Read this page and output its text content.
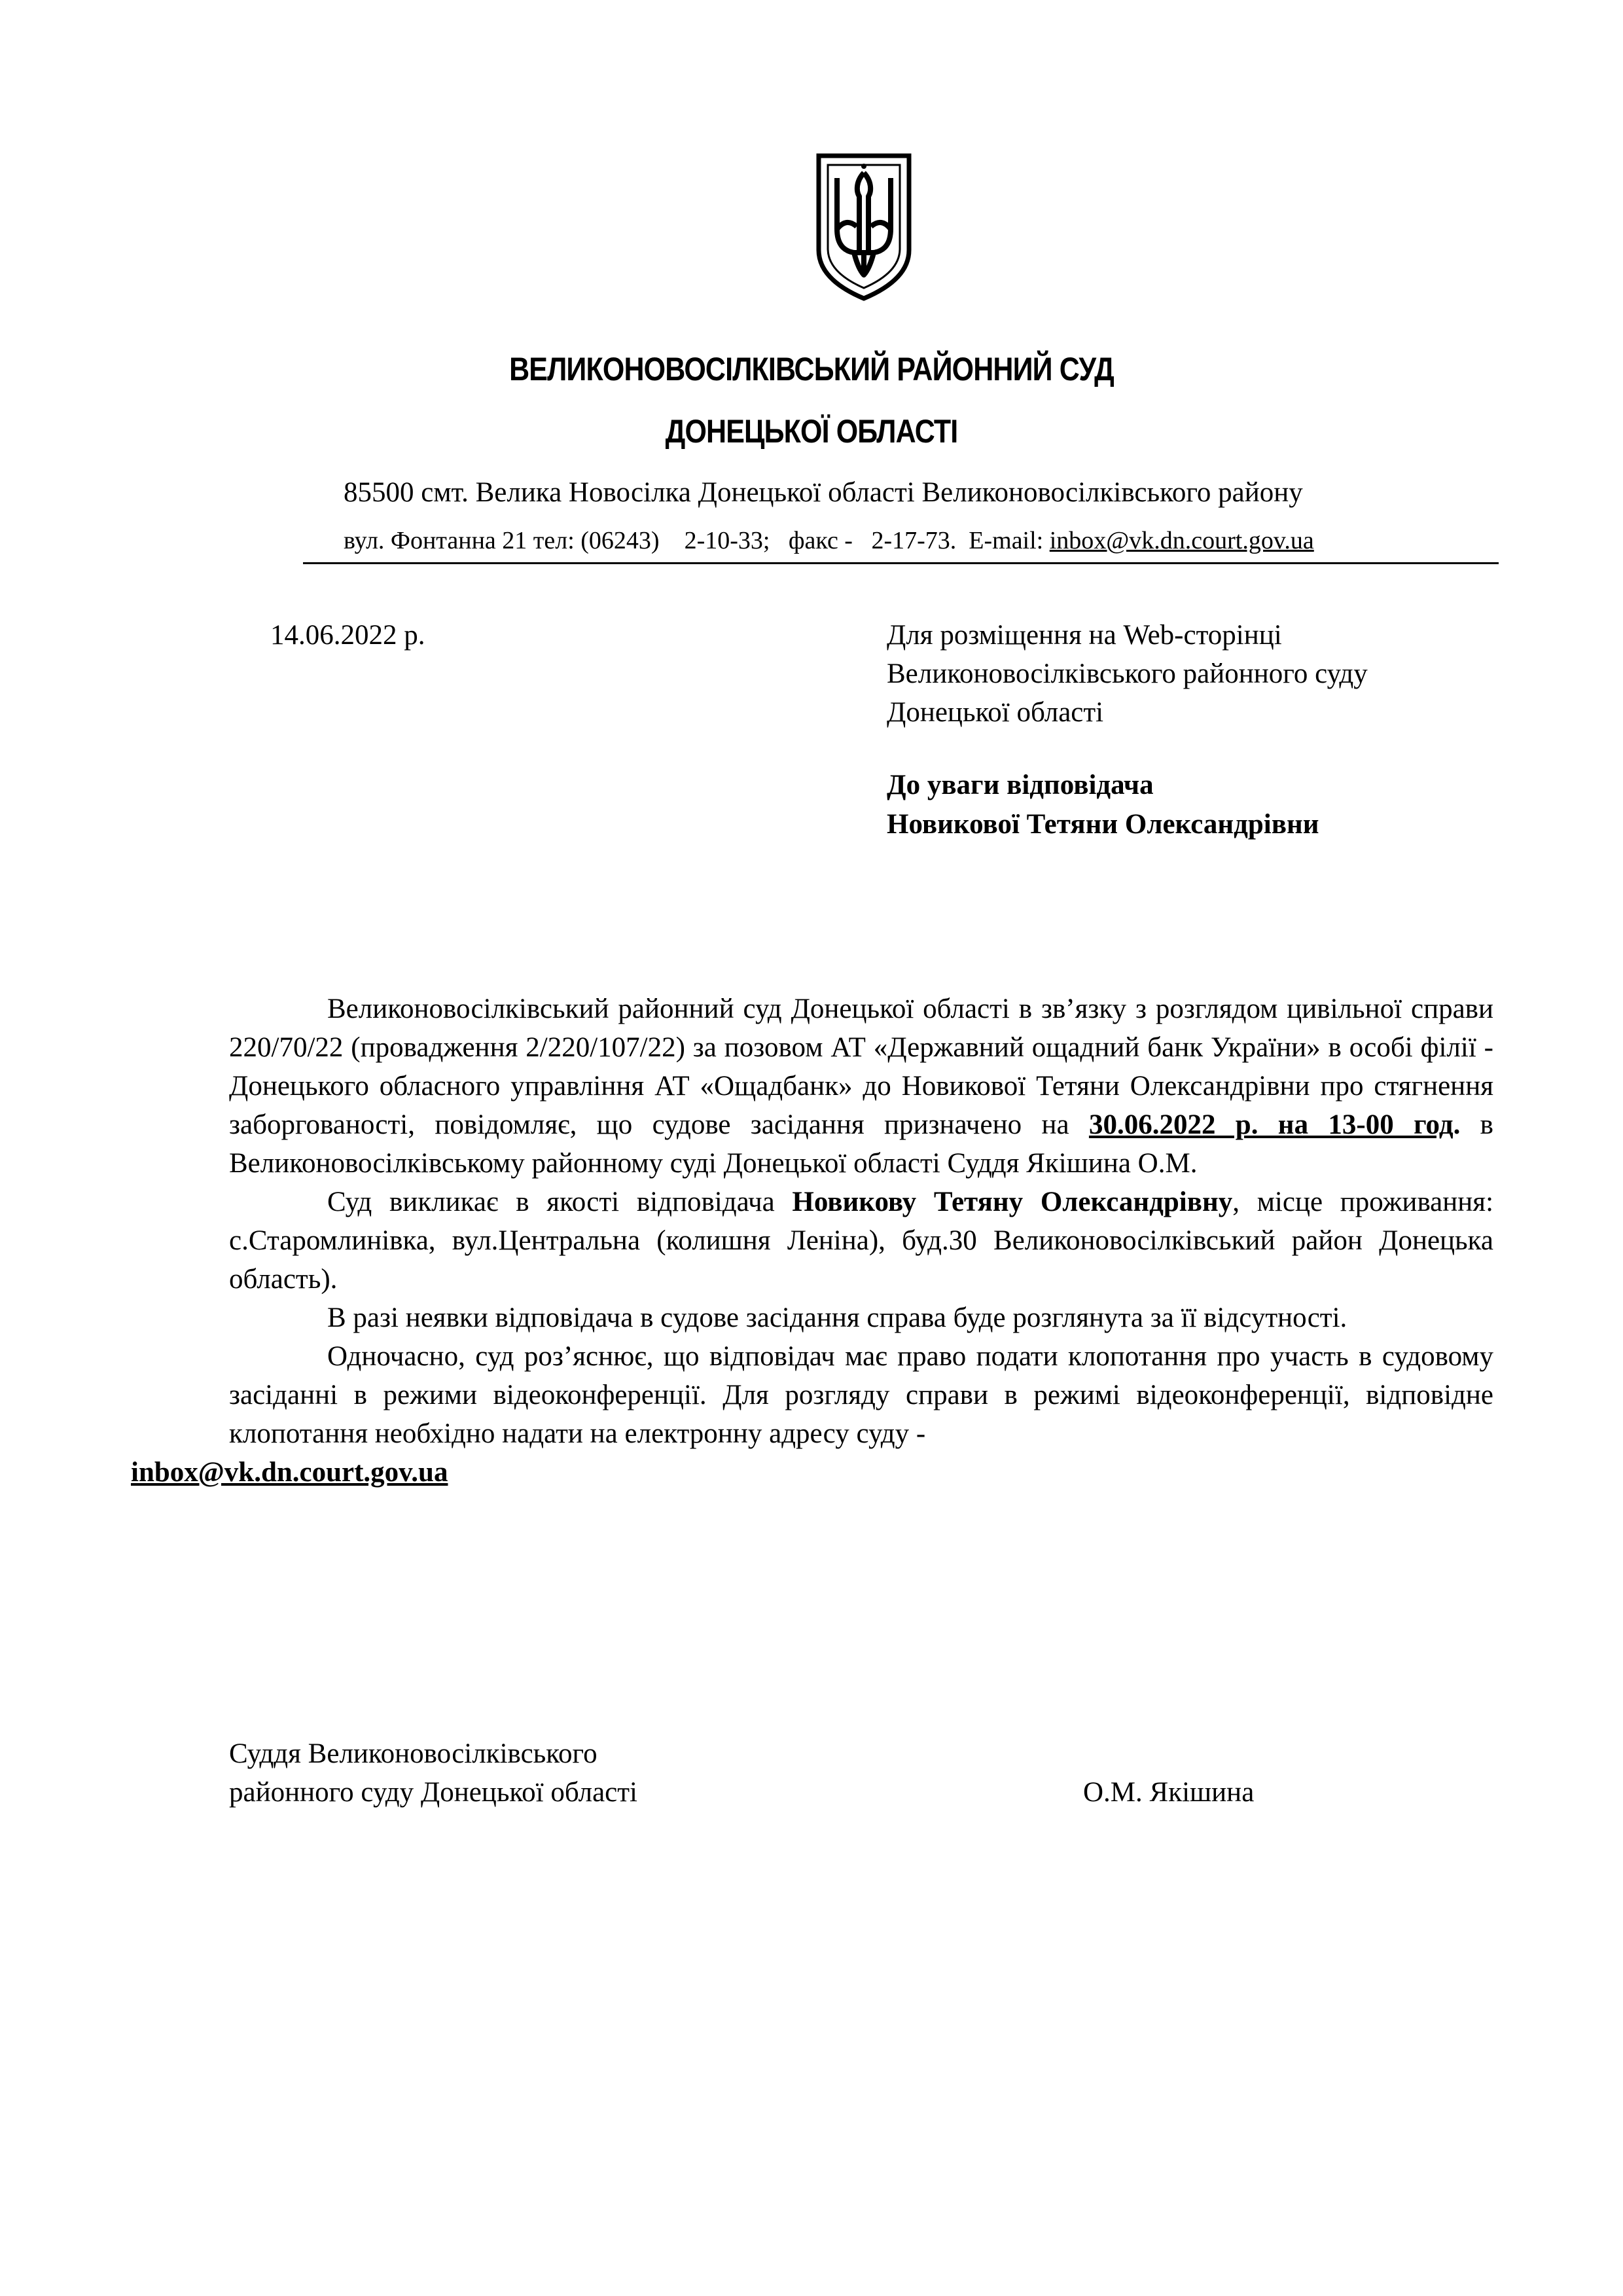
ВЕЛИКОНОВОСІЛКІВСЬКИЙ РАЙОННИЙ СУД
ДОНЕЦЬКОЇ ОБЛАСТІ
85500 смт. Велика Новосілка Донецької області Великоновосілківського району
вул. Фонтанна 21 тел: (06243)    2-10-33;   факс -   2-17-73.  E-mail: inbox@vk.dn.court.gov.ua
14.06.2022 р.	Для розміщення на Web-сторінці
Великоновосілківського районного суду
Донецької області
До уваги відповідача
Новикової Тетяни Олександрівни

Великоновосілківський районний суд Донецької області в зв’язку з розглядом цивільної справи 220/70/22 (провадження 2/220/107/22) за позовом АТ «Державний ощадний банк України» в особі філії - Донецького обласного управління АТ «Ощадбанк» до Новикової Тетяни Олександрівни про стягнення заборгованості, повідомляє, що судове засідання призначено на 30.06.2022 р. на 13-00 год. в Великоновосілківському районному суді Донецької області Суддя Якішина О.М.

Суд викликає в якості відповідача Новикову Тетяну Олександрівну, місце проживання: с.Старомлинівка, вул.Центральна (колишня Леніна), буд.30 Великоновосілківський район Донецька область).

В разі неявки відповідача в судове засідання справа буде розглянута за її відсутності.

Одночасно, суд роз’яснює, що відповідач має право подати клопотання про участь в судовому засіданні в режими відеоконференції. Для розгляду справи в режимі відеоконференції, відповідне клопотання необхідно надати на електронну адресу суду -
inbox@vk.dn.court.gov.ua

Суддя Великоновосілківського
районного суду Донецької області	О.М. Якішина
